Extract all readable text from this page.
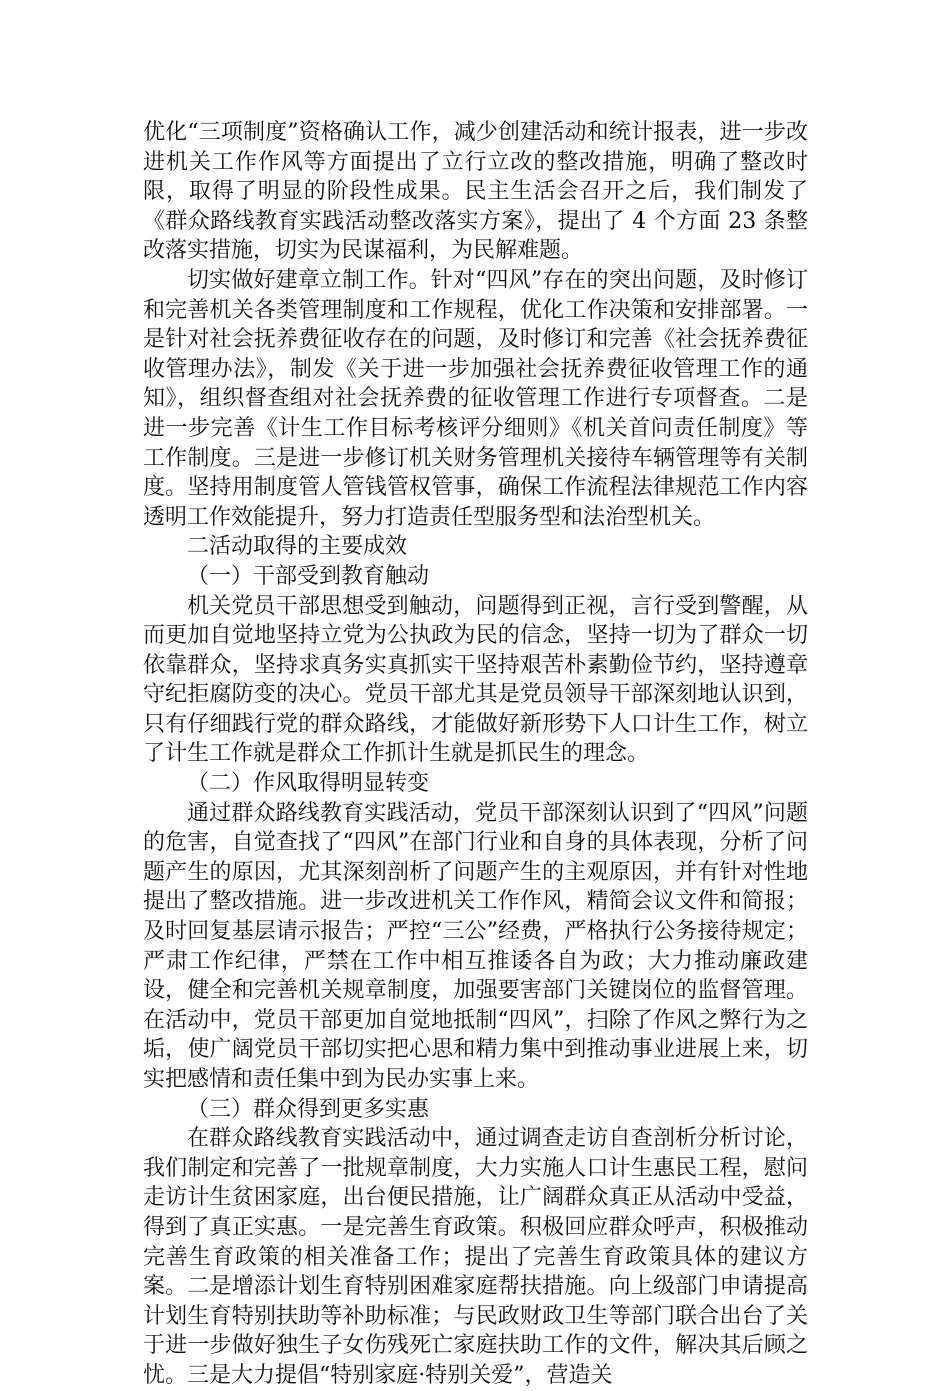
优化“三项制度”资格确认工作，减少创建活动和统计报表，进一步改进机关工作作风等方面提出了立行立改的整改措施，明确了整改时限，取得了明显的阶段性成果。民主生活会召开之后，我们制发了《群众路线教育实践活动整改落实方案》，提出了 4 个方面 23 条整改落实措施，切实为民谋福利，为民解难题。

切实做好建章立制工作。针对“四风”存在的突出问题，及时修订和完善机关各类管理制度和工作规程，优化工作决策和安排部署。一是针对社会抚养费征收存在的问题，及时修订和完善《社会抚养费征收管理办法》，制发《关于进一步加强社会抚养费征收管理工作的通知》，组织督查组对社会抚养费的征收管理工作进行专项督查。二是进一步完善《计生工作目标考核评分细则》《机关首问责任制度》等工作制度。三是进一步修订机关财务管理机关接待车辆管理等有关制度。坚持用制度管人管钱管权管事，确保工作流程法律规范工作内容透明工作效能提升，努力打造责任型服务型和法治型机关。

二活动取得的主要成效

（一）干部受到教育触动

机关党员干部思想受到触动，问题得到正视，言行受到警醒，从而更加自觉地坚持立党为公执政为民的信念，坚持一切为了群众一切依靠群众，坚持求真务实真抓实干坚持艰苦朴素勤俭节约，坚持遵章守纪拒腐防变的决心。党员干部尤其是党员领导干部深刻地认识到，只有仔细践行党的群众路线，才能做好新形势下人口计生工作，树立了计生工作就是群众工作抓计生就是抓民生的理念。

（二）作风取得明显转变

通过群众路线教育实践活动，党员干部深刻认识到了“四风”问题的危害，自觉查找了“四风”在部门行业和自身的具体表现，分析了问题产生的原因，尤其深刻剖析了问题产生的主观原因，并有针对性地提出了整改措施。进一步改进机关工作作风，精简会议文件和简报；及时回复基层请示报告；严控“三公”经费，严格执行公务接待规定；严肃工作纪律，严禁在工作中相互推诿各自为政；大力推动廉政建设，健全和完善机关规章制度，加强要害部门关键岗位的监督管理。在活动中，党员干部更加自觉地抵制“四风”，扫除了作风之弊行为之垢，使广阔党员干部切实把心思和精力集中到推动事业进展上来，切实把感情和责任集中到为民办实事上来。

（三）群众得到更多实惠

在群众路线教育实践活动中，通过调查走访自查剖析分析讨论，我们制定和完善了一批规章制度，大力实施人口计生惠民工程，慰问走访计生贫困家庭，出台便民措施，让广阔群众真正从活动中受益，得到了真正实惠。一是完善生育政策。积极回应群众呼声，积极推动完善生育政策的相关准备工作；提出了完善生育政策具体的建议方案。二是增添计划生育特别困难家庭帮扶措施。向上级部门申请提高计划生育特别扶助等补助标准；与民政财政卫生等部门联合出台了关于进一步做好独生子女伤残死亡家庭扶助工作的文件，解决其后顾之忧。三是大力提倡“特别家庭·特别关爱”，营造关
